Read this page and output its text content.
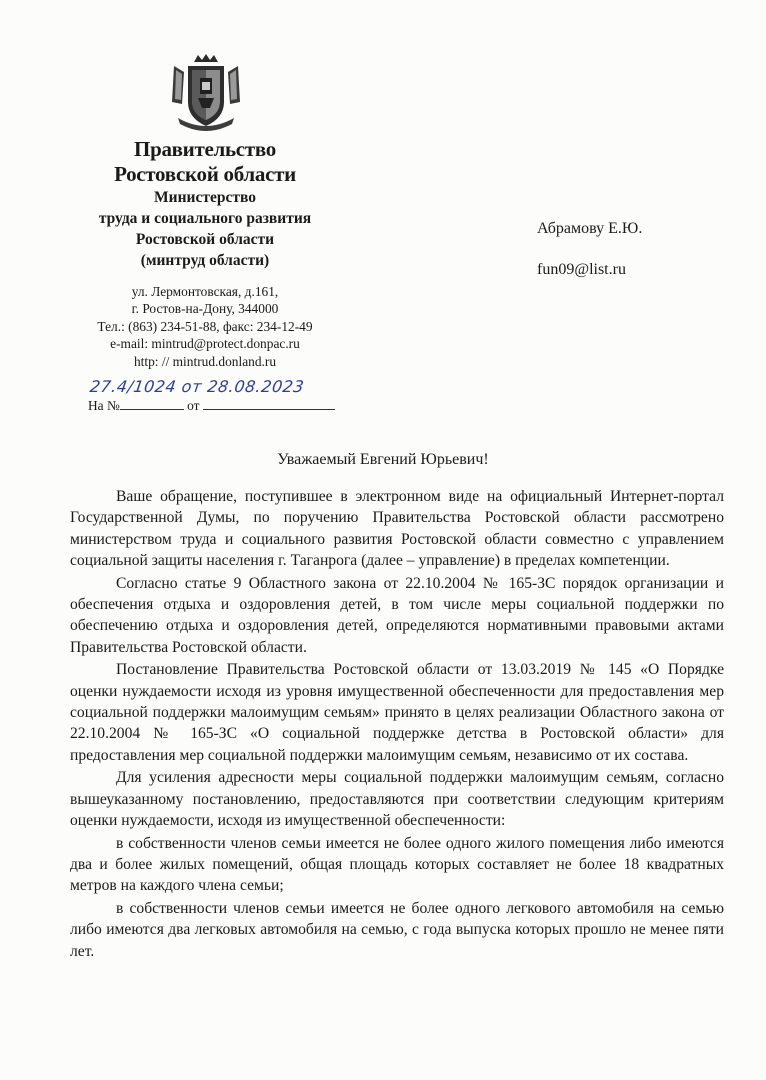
Правительство
Ростовской области
Министерство
труда и социального развития
Ростовской области
(минтруд области)
ул. Лермонтовская, д.161,
г. Ростов-на-Дону, 344000
Тел.: (863) 234-51-88, факс: 234-12-49
e-mail: mintrud@protect.donpac.ru
http: // mintrud.donland.ru
27.4/1024 от 28.08.2023
На №	от
Абрамову Е.Ю.
fun09@list.ru
Уважаемый Евгений Юрьевич!

Ваше обращение, поступившее в электронном виде на официальный Интернет-портал Государственной Думы, по поручению Правительства Ростовской области рассмотрено министерством труда и социального развития Ростовской области совместно с управлением социальной защиты населения г. Таганрога (далее – управление) в пределах компетенции.

Согласно статье 9 Областного закона от 22.10.2004 № 165-ЗС порядок организации и обеспечения отдыха и оздоровления детей, в том числе меры социальной поддержки по обеспечению отдыха и оздоровления детей, определяются нормативными правовыми актами Правительства Ростовской области.

Постановление Правительства Ростовской области от 13.03.2019 № 145 «О Порядке оценки нуждаемости исходя из уровня имущественной обеспеченности для предоставления мер социальной поддержки малоимущим семьям» принято в целях реализации Областного закона от 22.10.2004 № 165-ЗС «О социальной поддержке детства в Ростовской области» для предоставления мер социальной поддержки малоимущим семьям, независимо от их состава.

Для усиления адресности меры социальной поддержки малоимущим семьям, согласно вышеуказанному постановлению, предоставляются при соответствии следующим критериям оценки нуждаемости, исходя из имущественной обеспеченности:

в собственности членов семьи имеется не более одного жилого помещения либо имеются два и более жилых помещений, общая площадь которых составляет не более 18 квадратных метров на каждого члена семьи;

в собственности членов семьи имеется не более одного легкового автомобиля на семью либо имеются два легковых автомобиля на семью, с года выпуска которых прошло не менее пяти лет.
